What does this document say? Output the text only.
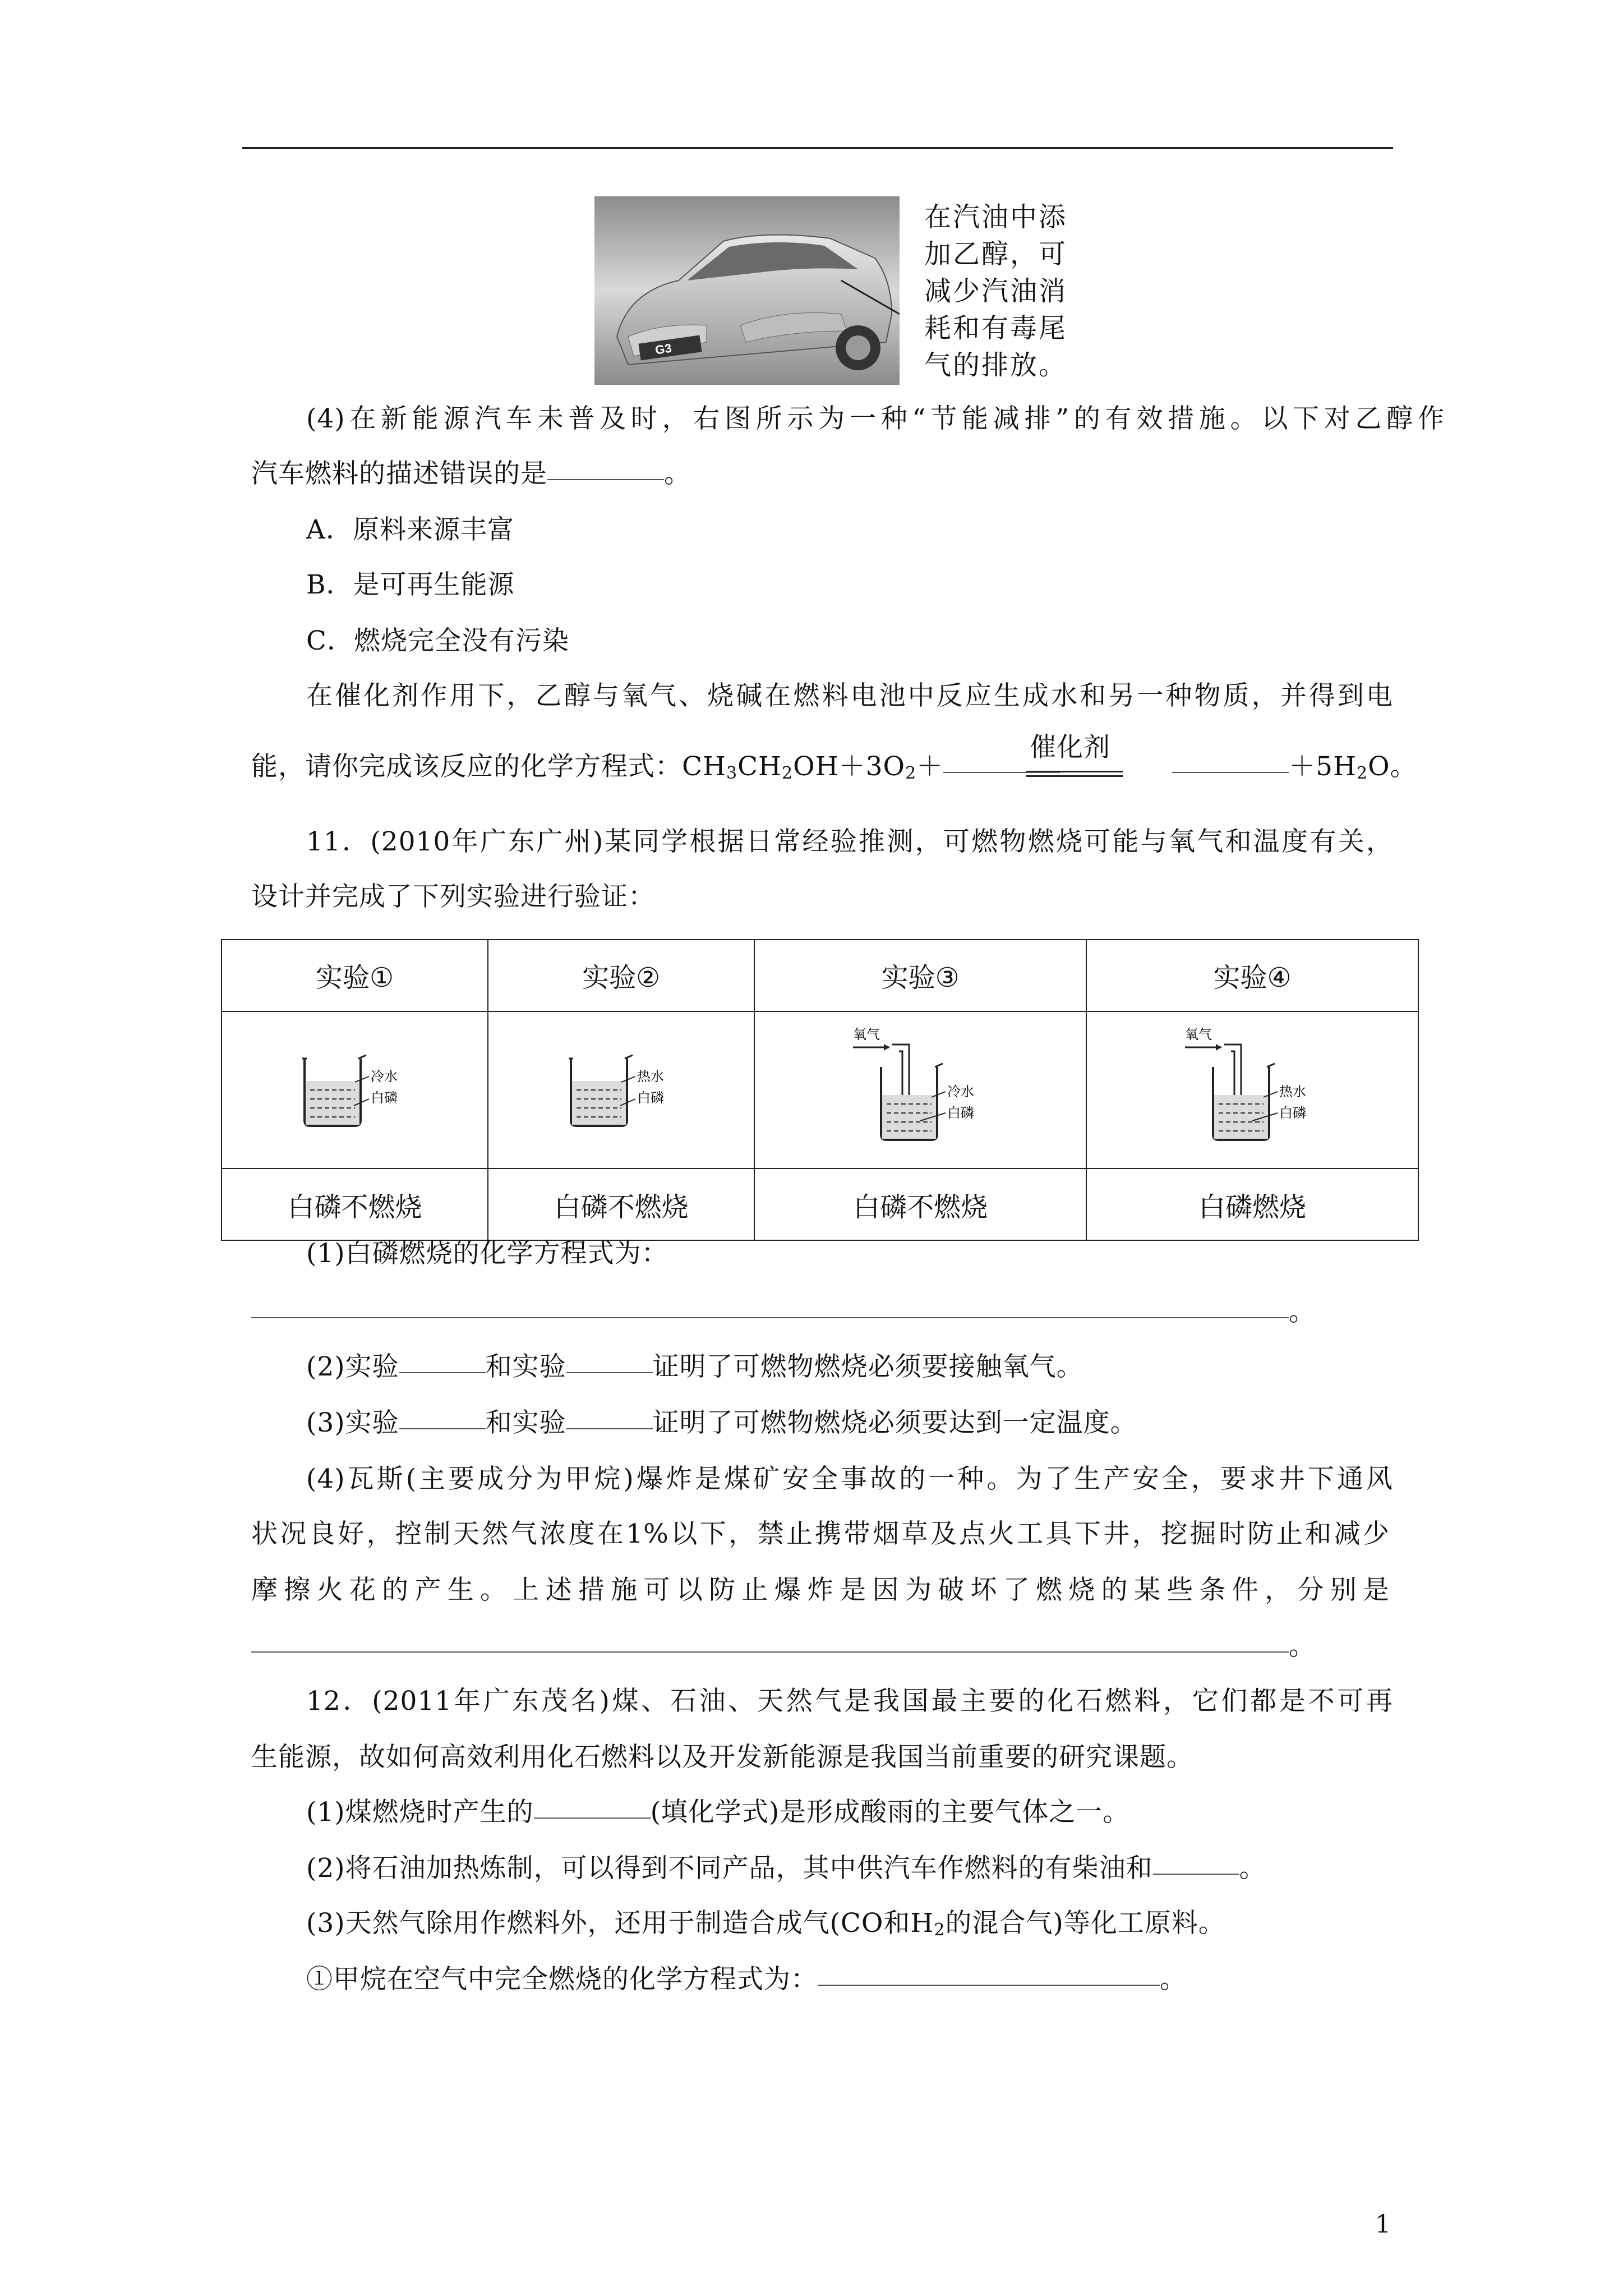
G3
在汽油中添
加乙醇，可
减少汽油消
耗和有毒尾
气的排放。
(4)在新能源汽车未普及时，右图所示为一种“节能减排”的有效措施。以下对乙醇作
汽车燃料的描述错误的是	。
A．原料来源丰富
B．是可再生能源
C．燃烧完全没有污染
在催化剂作用下，乙醇与氧气、烧碱在燃料电池中反应生成水和另一种物质，并得到电
催化剂
能，请你完成该反应的化学方程式：$CH_3CH_2OH+3O_2+$	$+5H_2O$。
11．(2010年广东广州)某同学根据日常经验推测，可燃物燃烧可能与氧气和温度有关，
设计并完成了下列实验进行验证：
实验①	实验②	实验③	实验④

冷水
白磷	热水
白磷	氧气
冷水
白磷	氧气
热水
白磷

白磷不燃烧	白磷不燃烧	白磷不燃烧	白磷燃烧
(1)白磷燃烧的化学方程式为：
。
(2)实验	和实验	证明了可燃物燃烧必须要接触氧气。
(3)实验	和实验	证明了可燃物燃烧必须要达到一定温度。
(4)瓦斯(主要成分为甲烷)爆炸是煤矿安全事故的一种。为了生产安全，要求井下通风
状况良好，控制天然气浓度在1%以下，禁止携带烟草及点火工具下井，挖掘时防止和减少
摩擦火花的产生。上述措施可以防止爆炸是因为破坏了燃烧的某些条件，分别是
。
12．(2011年广东茂名)煤、石油、天然气是我国最主要的化石燃料，它们都是不可再
生能源，故如何高效利用化石燃料以及开发新能源是我国当前重要的研究课题。
(1)煤燃烧时产生的	(填化学式)是形成酸雨的主要气体之一。
(2)将石油加热炼制，可以得到不同产品，其中供汽车作燃料的有柴油和	。
(3)天然气除用作燃料外，还用于制造合成气(CO和$H_2$的混合气)等化工原料。
①甲烷在空气中完全燃烧的化学方程式为：	。
1
